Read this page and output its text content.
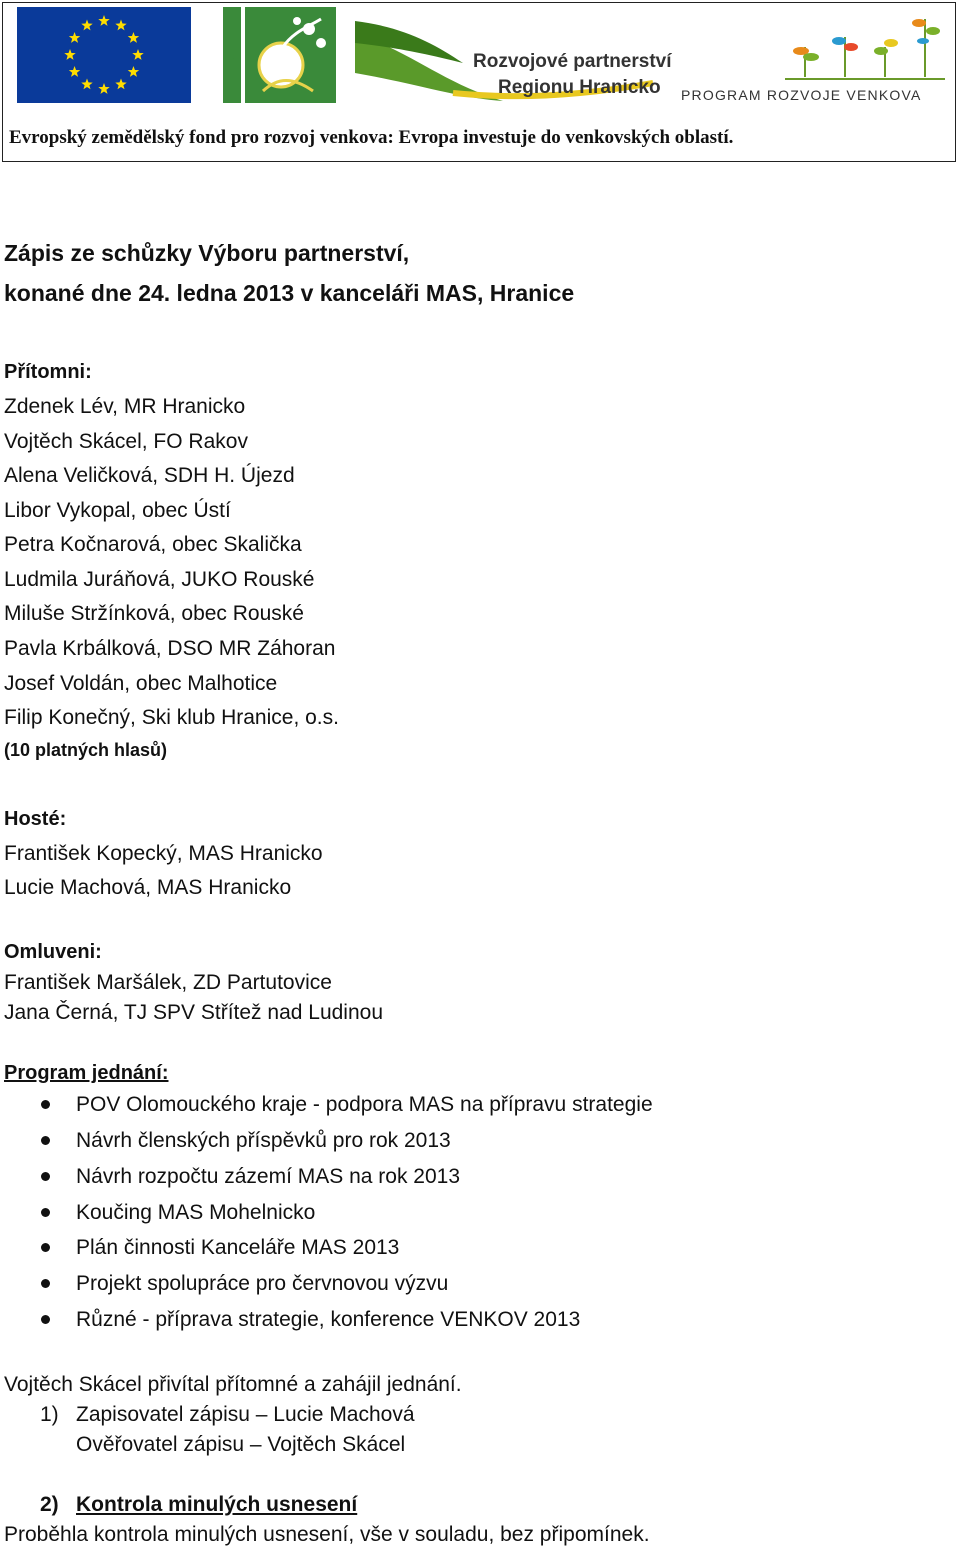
LEADER	Rozvojové partnerství
Regionu Hranicko PROGRAM ROZVOJE VENKOVA
Evropský zemědělský fond pro rozvoj venkova: Evropa investuje do venkovských oblastí.
Zápis ze schůzky Výboru partnerství,
konané dne 24. ledna 2013 v kanceláři MAS, Hranice
Přítomni:
Zdenek Lév, MR Hranicko
Vojtěch Skácel, FO Rakov
Alena Veličková, SDH H. Újezd
Libor Vykopal, obec Ústí
Petra Kočnarová, obec Skalička
Ludmila Juráňová, JUKO Rouské
Miluše Stržínková, obec Rouské
Pavla Krbálková, DSO MR Záhoran
Josef Voldán, obec Malhotice
Filip Konečný, Ski klub Hranice, o.s.
(10 platných hlasů)
Hosté:
František Kopecký, MAS Hranicko
Lucie Machová, MAS Hranicko
Omluveni:
František Maršálek, ZD Partutovice
Jana Černá, TJ SPV Střítež nad Ludinou
Program jednání:
POV Olomouckého kraje - podpora MAS na přípravu strategie
Návrh členských příspěvků pro rok 2013
Návrh rozpočtu zázemí MAS na rok 2013
Koučing MAS Mohelnicko
Plán činnosti Kanceláře MAS 2013
Projekt spolupráce pro červnovou výzvu
Různé - příprava strategie, konference VENKOV 2013
Vojtěch Skácel přivítal přítomné a zahájil jednání.
1) Zapisovatel zápisu – Lucie Machová
Ověřovatel zápisu – Vojtěch Skácel
2) Kontrola minulých usnesení
Proběhla kontrola minulých usnesení, vše v souladu, bez připomínek.
